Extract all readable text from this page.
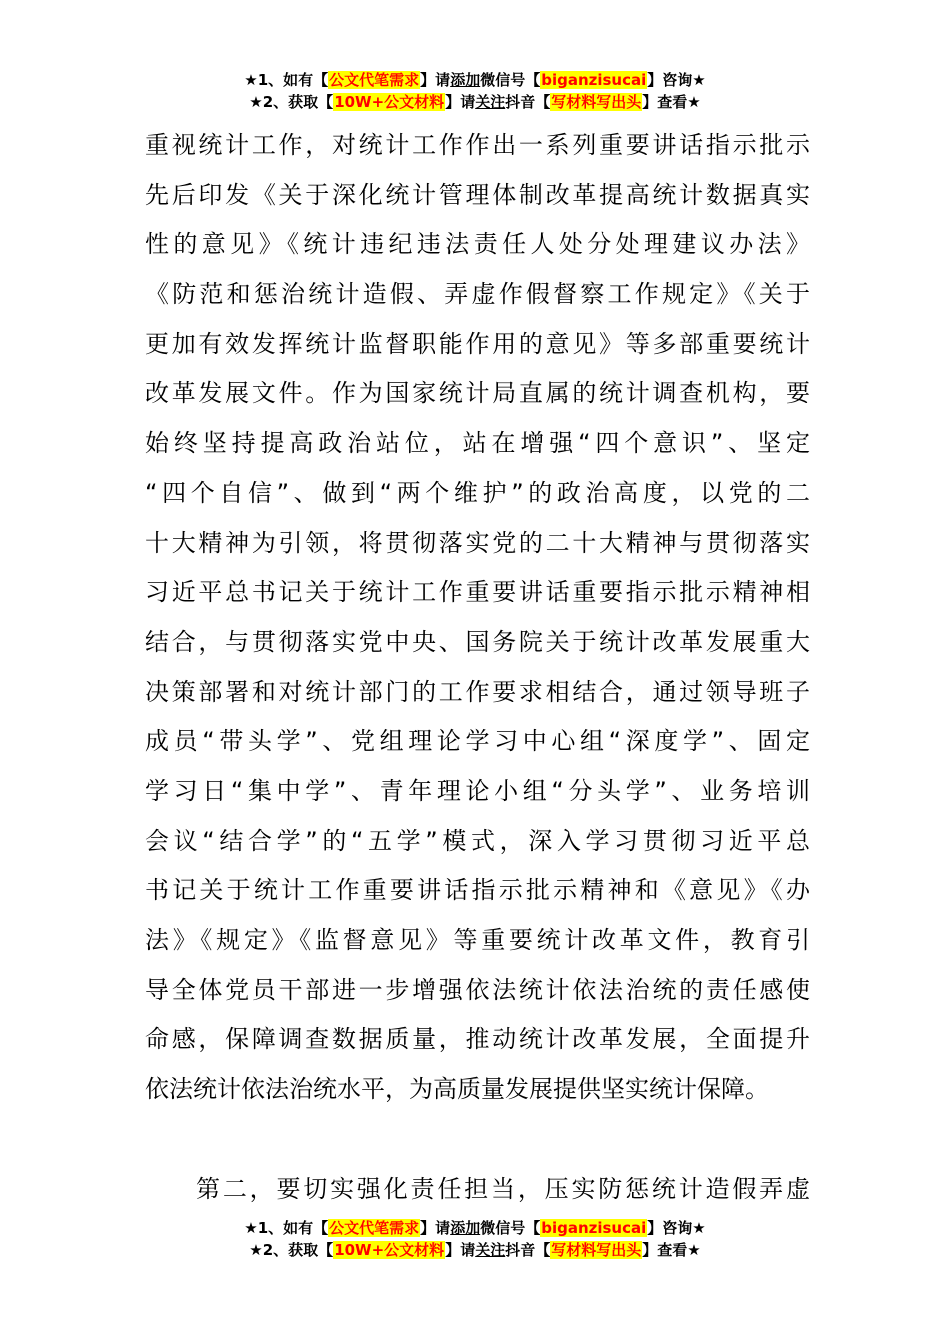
★1、如有【公文代笔需求】请添加微信号【biganzisucai】咨询★
★2、获取【10W+公文材料】请关注抖音【写材料写出头】查看★
重视统计工作，对统计工作作出一系列重要讲话指示批示
先后印发《关于深化统计管理体制改革提高统计数据真实
性的意见》《统计违纪违法责任人处分处理建议办法》
《防范和惩治统计造假、弄虚作假督察工作规定》《关于
更加有效发挥统计监督职能作用的意见》等多部重要统计
改革发展文件。作为国家统计局直属的统计调查机构，要
始终坚持提高政治站位，站在增强“四个意识”、坚定
“四个自信”、做到“两个维护”的政治高度，以党的二
十大精神为引领，将贯彻落实党的二十大精神与贯彻落实
习近平总书记关于统计工作重要讲话重要指示批示精神相
结合，与贯彻落实党中央、国务院关于统计改革发展重大
决策部署和对统计部门的工作要求相结合，通过领导班子
成员“带头学”、党组理论学习中心组“深度学”、固定
学习日“集中学”、青年理论小组“分头学”、业务培训
会议“结合学”的“五学”模式，深入学习贯彻习近平总
书记关于统计工作重要讲话指示批示精神和《意见》《办
法》《规定》《监督意见》等重要统计改革文件，教育引
导全体党员干部进一步增强依法统计依法治统的责任感使
命感，保障调查数据质量，推动统计改革发展，全面提升
依法统计依法治统水平，为高质量发展提供坚实统计保障。
第二，要切实强化责任担当，压实防惩统计造假弄虚
★1、如有【公文代笔需求】请添加微信号【biganzisucai】咨询★
★2、获取【10W+公文材料】请关注抖音【写材料写出头】查看★
